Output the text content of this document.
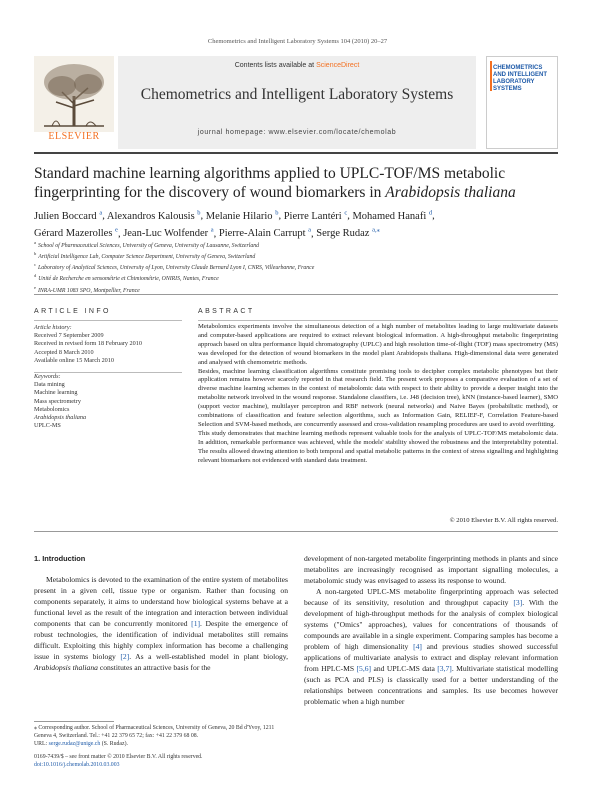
Chemometrics and Intelligent Laboratory Systems 104 (2010) 20–27
Contents lists available at ScienceDirect
Chemometrics and Intelligent Laboratory Systems
journal homepage: www.elsevier.com/locate/chemolab
ELSEVIER
CHEMOMETRICS AND INTELLIGENT LABORATORY SYSTEMS
Standard machine learning algorithms applied to UPLC-TOF/MS metabolic fingerprinting for the discovery of wound biomarkers in Arabidopsis thaliana
Julien Boccard $^a$, Alexandros Kalousis $^b$, Melanie Hilario $^b$, Pierre Lantéri $^c$, Mohamed Hanafi $^d$,
Gérard Mazerolles $^e$, Jean-Luc Wolfender $^a$, Pierre-Alain Carrupt $^a$, Serge Rudaz $^{a,⁎}$
$^a$School of Pharmaceutical Sciences, University of Geneva, University of Lausanne, Switzerland
$^b$Artificial Intelligence Lab, Computer Science Department, University of Geneva, Switzerland
$^c$Laboratory of Analytical Sciences, University of Lyon, University Claude Bernard Lyon I, CNRS, Villeurbanne, France
$^d$Unité de Recherche en sensométrie et Chimiométrie, ONIRIS, Nantes, France
$^e$INRA-UMR 1083 SPO, Montpellier, France
ARTICLE INFO	ABSTRACT
Article history:
Received 7 September 2009
Received in revised form 18 February 2010
Accepted 8 March 2010
Available online 15 March 2010
Keywords:
Data mining
Machine learning
Mass spectrometry
Metabolomics
Arabidopsis thaliana
UPLC-MS

Metabolomics experiments involve the simultaneous detection of a high number of metabolites leading to large multivariate datasets and computer-based applications are required to extract relevant biological information. A high-throughput metabolic fingerprinting approach based on ultra performance liquid chromatography (UPLC) and high resolution time-of-flight (TOF) mass spectrometry (MS) was developed for the detection of wound biomarkers in the model plant Arabidopsis thaliana. High-dimensional data were generated and analysed with chemometric methods.

Besides, machine learning classification algorithms constitute promising tools to decipher complex metabolic phenotypes but their application remains however scarcely reported in that research field. The present work proposes a comparative evaluation of a set of diverse machine learning schemes in the context of metabolomic data with respect to their ability to provide a deeper insight into the metabolite network involved in the wound response. Standalone classifiers, i.e. J48 (decision tree), kNN (instance-based learner), SMO (support vector machine), multilayer perceptron and RBF network (neural networks) and Naive Bayes (probabilistic method), or combinations of classification and feature selection algorithms, such as Information Gain, RELIEF-F, Correlation Feature-based Selection and SVM-based methods, are concurrently assessed and cross-validation resampling procedures are used to avoid overfitting.

This study demonstrates that machine learning methods represent valuable tools for the analysis of UPLC-TOF/MS metabolomic data. In addition, remarkable performance was achieved, while the models' stability showed the robustness and the interpretability potential. The results allowed drawing attention to both temporal and spatial metabolic patterns in the context of stress signalling and highlighting relevant biomarkers not evidenced with standard data treatment.

© 2010 Elsevier B.V. All rights reserved.

1. Introduction

Metabolomics is devoted to the examination of the entire system of metabolites present in a given cell, tissue type or organism. Rather than focusing on components separately, it aims to understand how biological systems behave at a functional level as the result of the integration and interaction between individual components that can be concurrently monitored [1]. Despite the emergence of robust technologies, the identification of individual metabolites still remains difficult. Exploiting this highly complex information has become a challenging issue in systems biology [2]. As a well-established model in plant biology, Arabidopsis thaliana constitutes an attractive basis for the

development of non-targeted metabolite fingerprinting methods in plants and since metabolites are increasingly recognised as important signalling molecules, a metabolomic study was envisaged to assess its response to wound.

A non-targeted UPLC-MS metabolite fingerprinting approach was selected because of its sensitivity, resolution and throughput capacity [3]. With the development of high-throughput methods for the analysis of complex biological systems ("Omics" approaches), values for concentrations of thousands of compounds are available in a single experiment. Comparing samples has become a problem of high dimensionality [4] and previous studies showed successful applications of multivariate analysis to extract and display relevant information from HPLC-MS [5,6] and UPLC-MS data [3,7]. Multivariate statistical modelling (such as PCA and PLS) is classically used for a better understanding of the relationships between concentrations and samples. Its use becomes however problematic when a high number

⁎ Corresponding author. School of Pharmaceutical Sciences, University of Geneva, 20 Bd d'Yvoy, 1211 Geneva 4, Switzerland. Tel.: +41 22 379 65 72; fax: +41 22 379 68 08.
URL: serge.rudaz@unige.ch (S. Rudaz).
0169-7439/$ – see front matter © 2010 Elsevier B.V. All rights reserved.
doi:10.1016/j.chemolab.2010.03.003
